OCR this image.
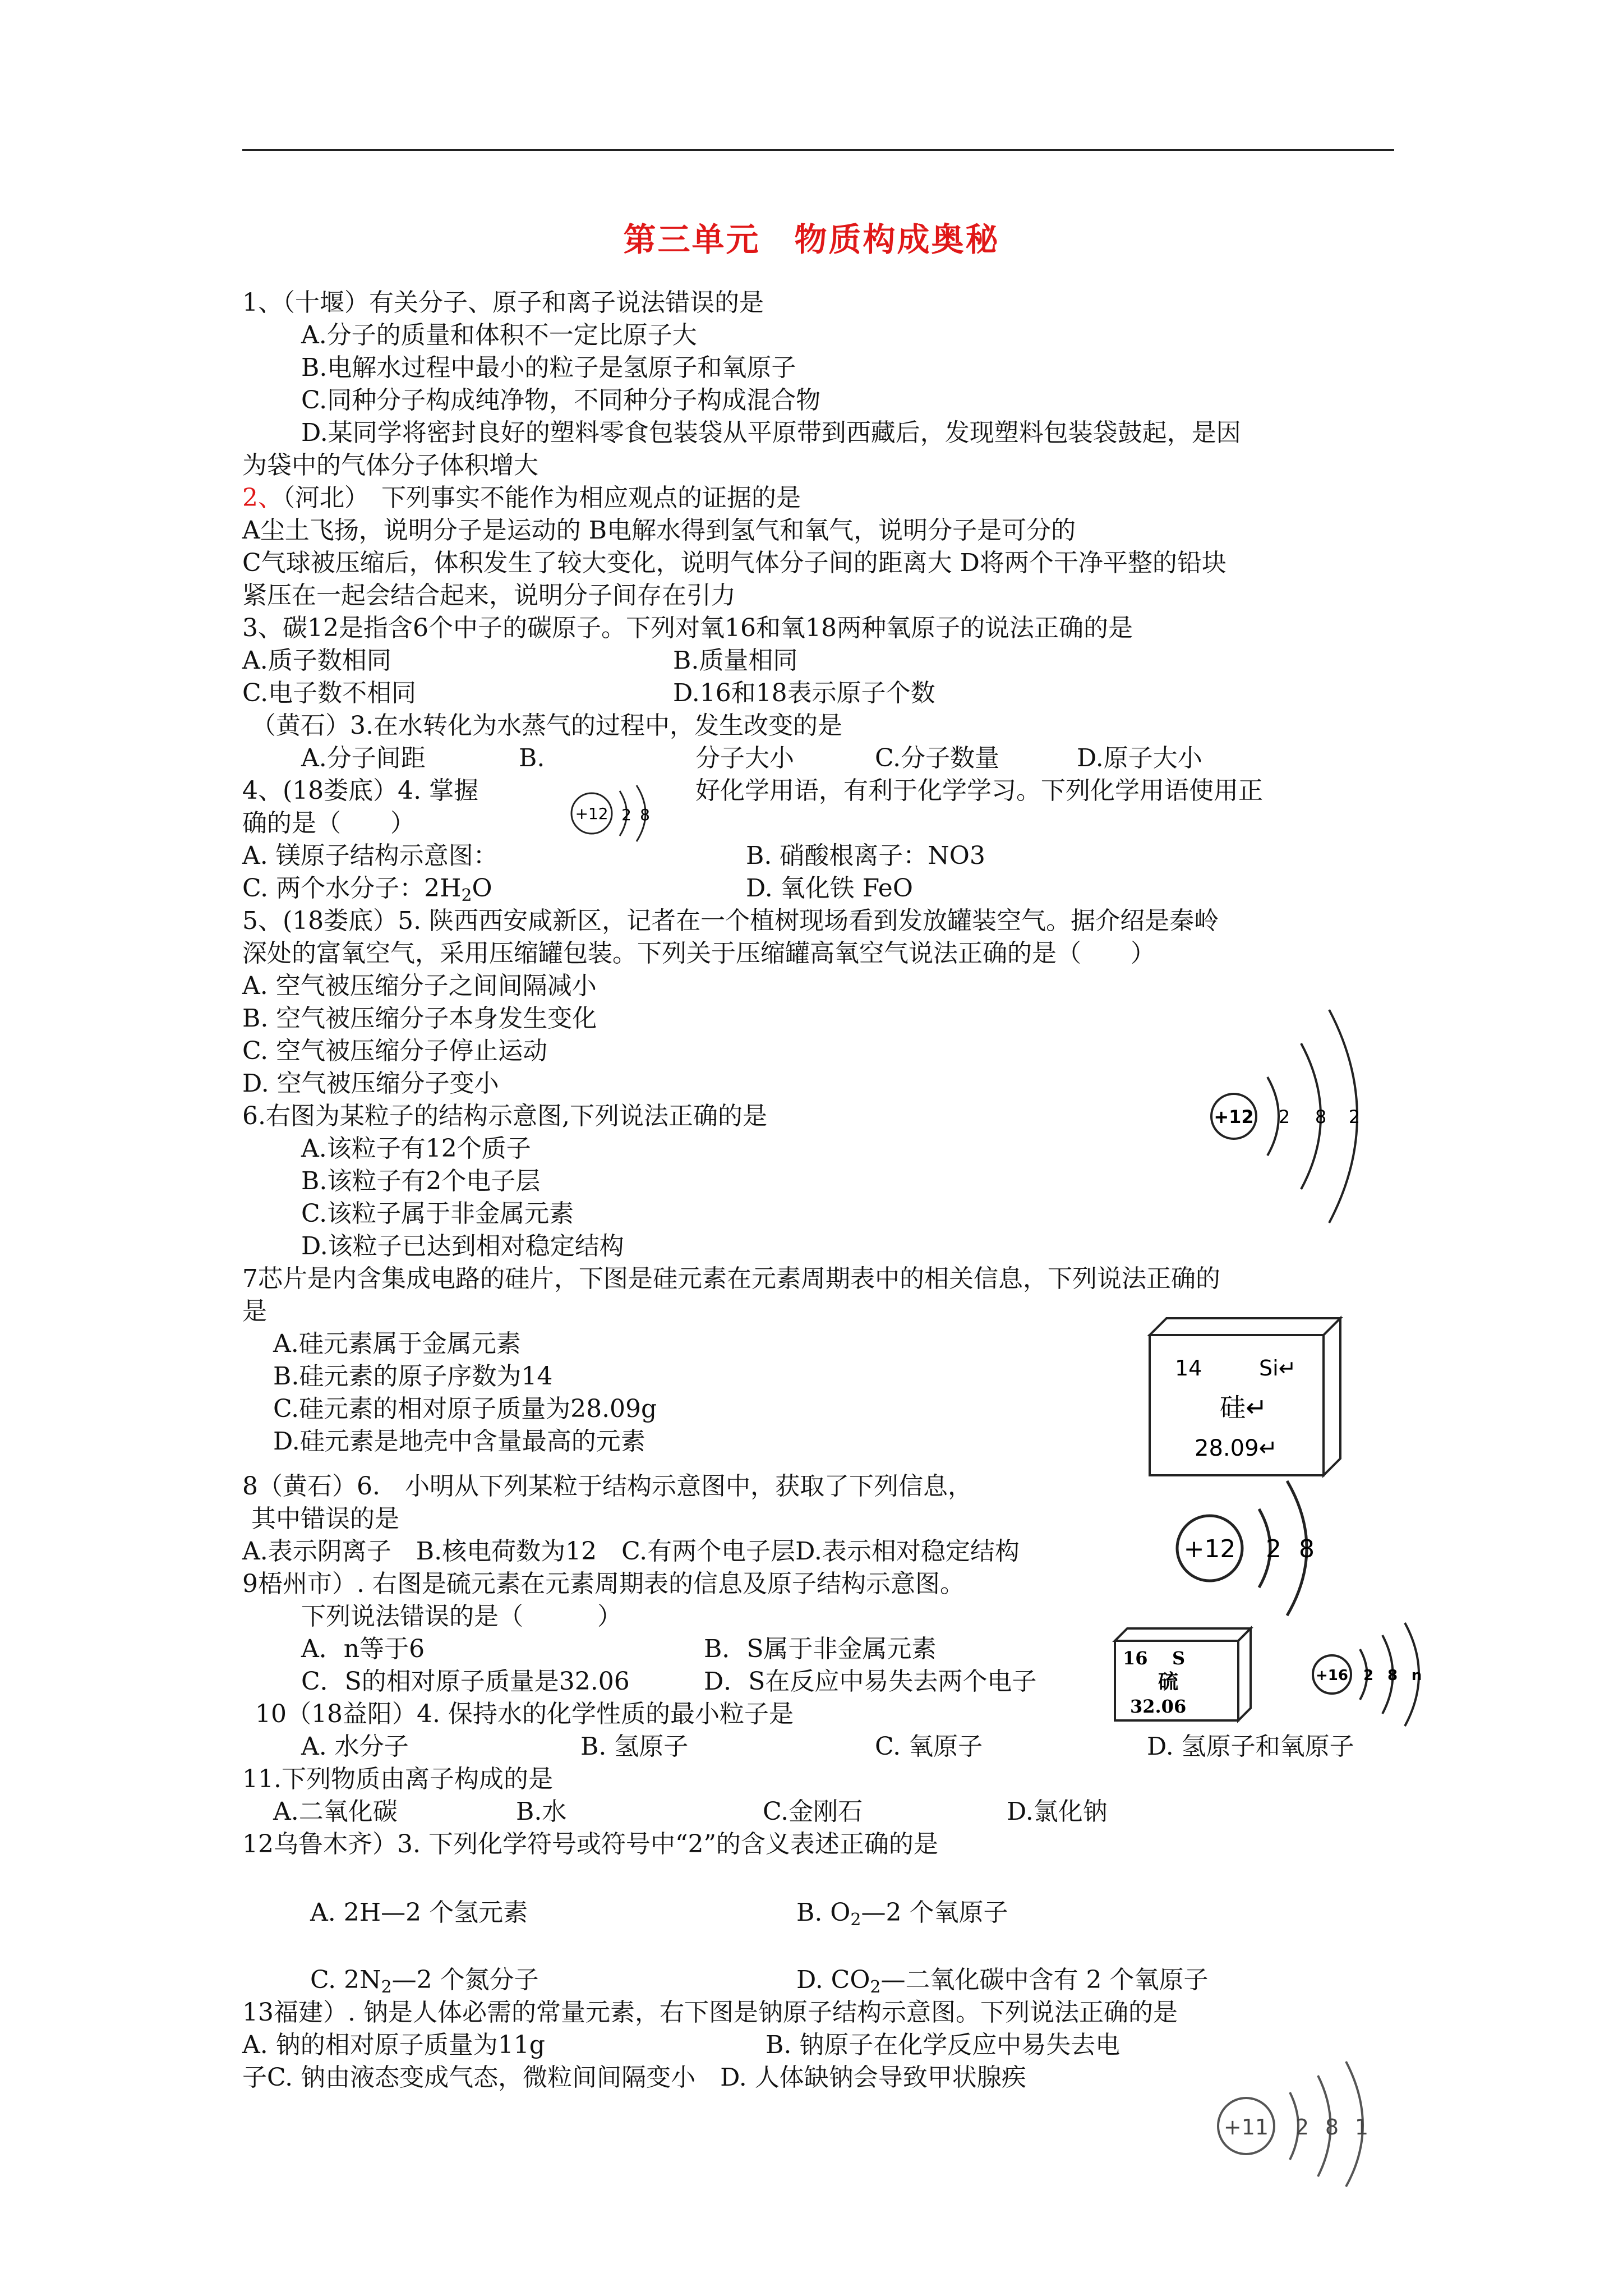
第三单元　物质构成奥秘
1、（十堰）有关分子、原子和离子说法错误的是
A.分子的质量和体积不一定比原子大
B.电解水过程中最小的粒子是氢原子和氧原子
C.同种分子构成纯净物，不同种分子构成混合物
D.某同学将密封良好的塑料零食包装袋从平原带到西藏后，发现塑料包装袋鼓起，是因
为袋中的气体分子体积增大
2、（河北）　下列事实不能作为相应观点的证据的是
A尘土飞扬，说明分子是运动的 B电解水得到氢气和氧气，说明分子是可分的
C气球被压缩后，体积发生了较大变化，说明气体分子间的距离大 D将两个干净平整的铅块
紧压在一起会结合起来，说明分子间存在引力
3、碳12是指含6个中子的碳原子。下列对氧16和氧18两种氧原子的说法正确的是
A.质子数相同	B.质量相同
C.电子数不相同	D.16和18表示原子个数
（黄石）3.在水转化为水蒸气的过程中，发生改变的是
A.分子间距	B.	分子大小	C.分子数量	D.原子大小
4、(18娄底）4. 掌握	好化学用语，有利于化学学习。下列化学用语使用正
确的是（　　）
A. 镁原子结构示意图：	B. 硝酸根离子：NO3
C. 两个水分子：$2H_2O$	D. 氧化铁 FeO
+12 2 8
5、(18娄底）5. 陕西西安咸新区，记者在一个植树现场看到发放罐装空气。据介绍是秦岭
深处的富氧空气，采用压缩罐包装。下列关于压缩罐高氧空气说法正确的是（　　）
A. 空气被压缩分子之间间隔减小
B. 空气被压缩分子本身发生变化
C. 空气被压缩分子停止运动
D. 空气被压缩分子变小
6.右图为某粒子的结构示意图,下列说法正确的是
A.该粒子有12个质子
B.该粒子有2个电子层
C.该粒子属于非金属元素
D.该粒子已达到相对稳定结构
+12 2 8 2
7芯片是内含集成电路的硅片，下图是硅元素在元素周期表中的相关信息，下列说法正确的
是
A.硅元素属于金属元素
B.硅元素的原子序数为14
C.硅元素的相对原子质量为28.09g
D.硅元素是地壳中含量最高的元素
14	Si↵
硅↵
28.09↵
8（黄石）6.　小明从下列某粒于结构示意图中，获取了下列信息，
其中错误的是
A.表示阴离子　B.核电荷数为12　C.有两个电子层D.表示相对稳定结构	+12 2 8
9梧州市）. 右图是硫元素在元素周期表的信息及原子结构示意图。
下列说法错误的是（　　　）
A．n等于6	B．S属于非金属元素
C．S的相对原子质量是32.06	D．S在反应中易失去两个电子
16 S
硫
32.06
+16 2 8 n
10（18益阳）4. 保持水的化学性质的最小粒子是
A. 水分子	B. 氢原子	C. 氧原子	D. 氢原子和氧原子
11.下列物质由离子构成的是
A.二氧化碳	B.水	C.金刚石	D.氯化钠
12乌鲁木齐）3. 下列化学符号或符号中“2”的含义表述正确的是
A. 2H—2 个氢元素	B. $O_2—2$ 个氧原子
C. $2N_2—2$ 个氮分子	D. $CO_2—$二氧化碳中含有 2 个氧原子
13福建）. 钠是人体必需的常量元素，右下图是钠原子结构示意图。下列说法正确的是
A. 钠的相对原子质量为11g	B. 钠原子在化学反应中易失去电
子C. 钠由液态变成气态，微粒间间隔变小　D. 人体缺钠会导致甲状腺疾
+11 2 8 1
